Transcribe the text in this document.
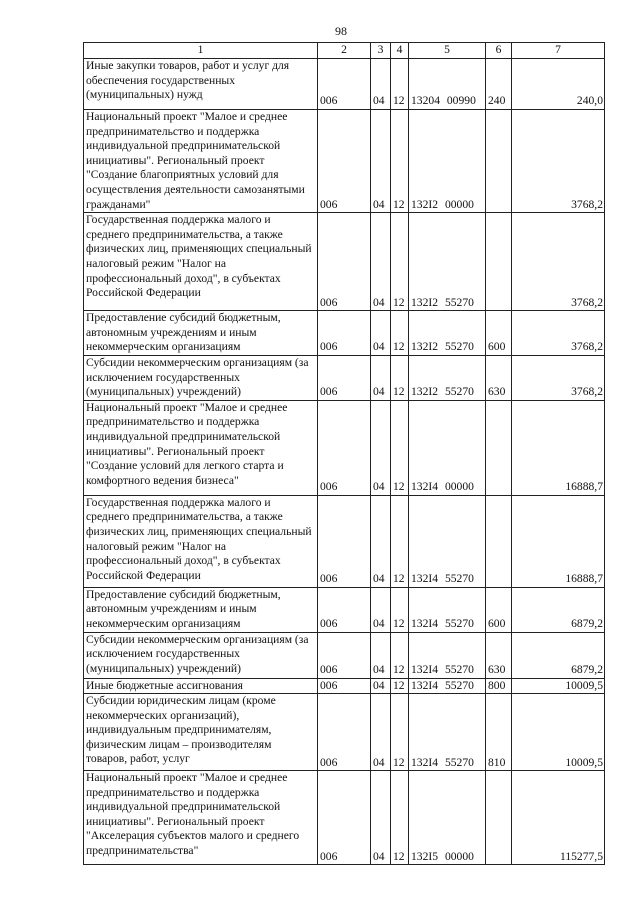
98
1	2	3	4	5	6	7
Иные закупки товаров, работ и услуг для обеспечения государственных (муниципальных) нужд	006	04	12	13204 00990	240	240,0
Национальный проект "Малое и среднее предпринимательство и поддержка индивидуальной предпринимательской инициативы". Региональный проект "Создание благоприятных условий для осуществления деятельности самозанятыми гражданами"	006	04	12	132I2 00000		3768,2
Государственная поддержка малого и среднего предпринимательства, а также физических лиц, применяющих специальный налоговый режим "Налог на профессиональный доход", в субъектах Российской Федерации	006	04	12	132I2 55270		3768,2
Предоставление субсидий бюджетным, автономным учреждениям и иным некоммерческим организациям	006	04	12	132I2 55270	600	3768,2
Субсидии некоммерческим организациям (за исключением государственных (муниципальных) учреждений)	006	04	12	132I2 55270	630	3768,2
Национальный проект "Малое и среднее предпринимательство и поддержка индивидуальной предпринимательской инициативы". Региональный проект "Создание условий для легкого старта и комфортного ведения бизнеса"	006	04	12	132I4 00000		16888,7
Государственная поддержка малого и среднего предпринимательства, а также физических лиц, применяющих специальный налоговый режим "Налог на профессиональный доход", в субъектах Российской Федерации	006	04	12	132I4 55270		16888,7
Предоставление субсидий бюджетным, автономным учреждениям и иным некоммерческим организациям	006	04	12	132I4 55270	600	6879,2
Субсидии некоммерческим организациям (за исключением государственных (муниципальных) учреждений)	006	04	12	132I4 55270	630	6879,2
Иные бюджетные ассигнования	006	04	12	132I4 55270	800	10009,5
Субсидии юридическим лицам (кроме некоммерческих организаций), индивидуальным предпринимателям, физическим лицам – производителям товаров, работ, услуг	006	04	12	132I4 55270	810	10009,5
Национальный проект "Малое и среднее предпринимательство и поддержка индивидуальной предпринимательской инициативы". Региональный проект "Акселерация субъектов малого и среднего предпринимательства"	006	04	12	132I5 00000		115277,5
